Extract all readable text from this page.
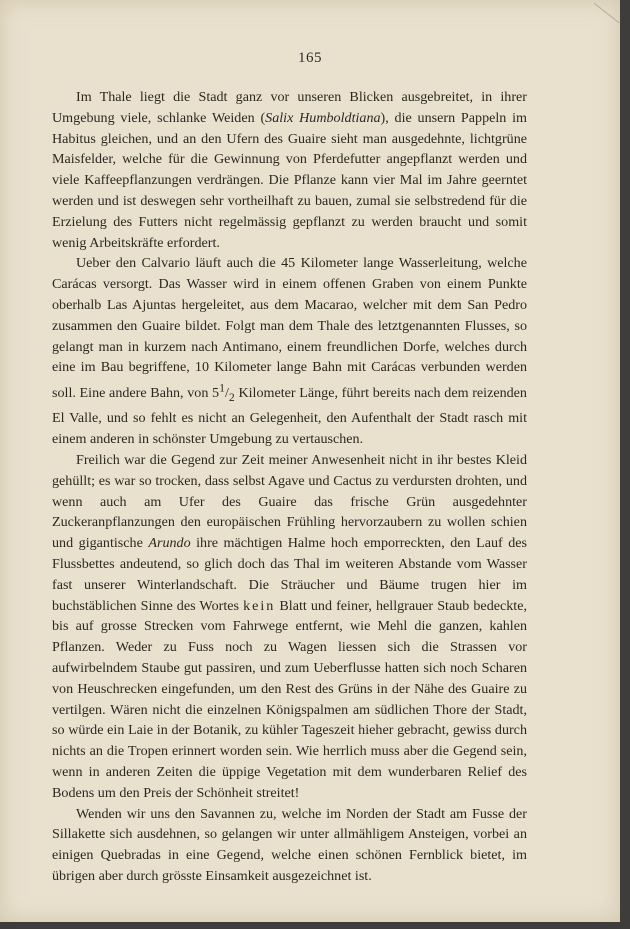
165

Im Thale liegt die Stadt ganz vor unseren Blicken ausgebreitet, in ihrer Umgebung viele, schlanke Weiden (Salix Humboldtiana), die unsern Pappeln im Habitus gleichen, und an den Ufern des Guaire sieht man ausgedehnte, lichtgrüne Maisfelder, welche für die Gewinnung von Pferdefutter angepflanzt werden und viele Kaffeepflanzungen verdrängen. Die Pflanze kann vier Mal im Jahre geerntet werden und ist deswegen sehr vortheilhaft zu bauen, zumal sie selbstredend für die Erzielung des Futters nicht regelmässig gepflanzt zu werden braucht und somit wenig Arbeitskräfte erfordert.

Ueber den Calvario läuft auch die 45 Kilometer lange Wasserleitung, welche Carácas versorgt. Das Wasser wird in einem offenen Graben von einem Punkte oberhalb Las Ajuntas hergeleitet, aus dem Macarao, welcher mit dem San Pedro zusammen den Guaire bildet. Folgt man dem Thale des letztgenannten Flusses, so gelangt man in kurzem nach Antimano, einem freundlichen Dorfe, welches durch eine im Bau begriffene, 10 Kilometer lange Bahn mit Carácas verbunden werden soll. Eine andere Bahn, von $5^1/_2$ Kilometer Länge, führt bereits nach dem reizenden El Valle, und so fehlt es nicht an Gelegenheit, den Aufenthalt der Stadt rasch mit einem anderen in schönster Umgebung zu vertauschen.

Freilich war die Gegend zur Zeit meiner Anwesenheit nicht in ihr bestes Kleid gehüllt; es war so trocken, dass selbst Agave und Cactus zu verdursten drohten, und wenn auch am Ufer des Guaire das frische Grün ausgedehnter Zuckeranpflanzungen den europäischen Frühling hervorzaubern zu wollen schien und gigantische Arundo ihre mächtigen Halme hoch emporreckten, den Lauf des Flussbettes andeutend, so glich doch das Thal im weiteren Abstande vom Wasser fast unserer Winterlandschaft. Die Sträucher und Bäume trugen hier im buchstäblichen Sinne des Wortes kein Blatt und feiner, hellgrauer Staub bedeckte, bis auf grosse Strecken vom Fahrwege entfernt, wie Mehl die ganzen, kahlen Pflanzen. Weder zu Fuss noch zu Wagen liessen sich die Strassen vor aufwirbelndem Staube gut passiren, und zum Ueberflusse hatten sich noch Scharen von Heuschrecken eingefunden, um den Rest des Grüns in der Nähe des Guaire zu vertilgen. Wären nicht die einzelnen Königspalmen am südlichen Thore der Stadt, so würde ein Laie in der Botanik, zu kühler Tageszeit hieher gebracht, gewiss durch nichts an die Tropen erinnert worden sein. Wie herrlich muss aber die Gegend sein, wenn in anderen Zeiten die üppige Vegetation mit dem wunderbaren Relief des Bodens um den Preis der Schönheit streitet!

Wenden wir uns den Savannen zu, welche im Norden der Stadt am Fusse der Sillakette sich ausdehnen, so gelangen wir unter allmähligem Ansteigen, vorbei an einigen Quebradas in eine Gegend, welche einen schönen Fernblick bietet, im übrigen aber durch grösste Einsamkeit ausgezeichnet ist.
